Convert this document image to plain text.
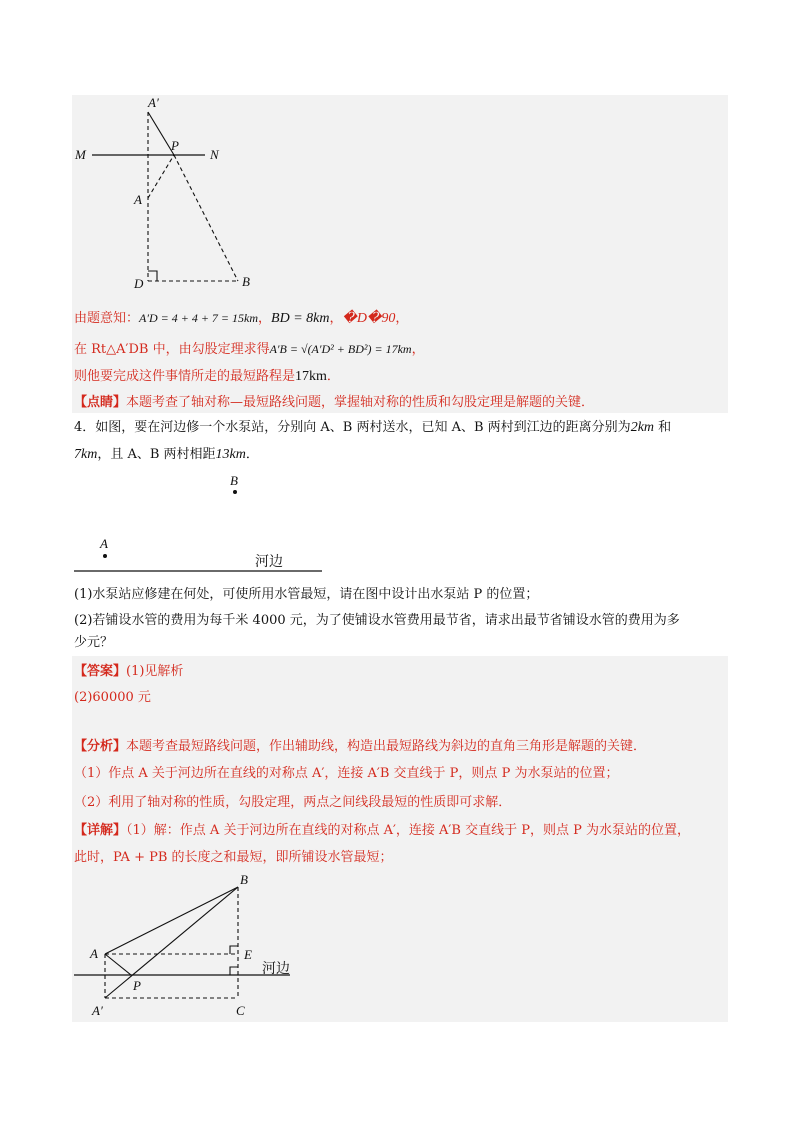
A′
P
M	N
A
D	B
由题意知：A′D = 4 + 4 + 7 = 15km，BD = 8km，�D�90，
在 Rt△A′DB 中，由勾股定理求得A′B = √(A′D² + BD²) = 17km，
则他要完成这件事情所走的最短路程是17km．
【点睛】本题考查了轴对称—最短路线问题，掌握轴对称的性质和勾股定理是解题的关键．
4．如图，要在河边修一个水泵站，分别向 A、B 两村送水，已知 A、B 两村到江边的距离分别为2km 和
7km，且 A、B 两村相距13km．
B
A
河边
(1)水泵站应修建在何处，可使所用水管最短，请在图中设计出水泵站 P 的位置；
(2)若铺设水管的费用为每千米 4000 元，为了使铺设水管费用最节省，请求出最节省铺设水管的费用为多
少元？
【答案】(1)见解析
(2)60000 元
【分析】本题考查最短路线问题，作出辅助线，构造出最短路线为斜边的直角三角形是解题的关键．
（1）作点 A 关于河边所在直线的对称点 A′，连接 A′B 交直线于 P，则点 P 为水泵站的位置；
（2）利用了轴对称的性质，勾股定理，两点之间线段最短的性质即可求解．
【详解】（1）解：作点 A 关于河边所在直线的对称点 A′，连接 A′B 交直线于 P，则点 P 为水泵站的位置，
此时，PA + PB 的长度之和最短，即所铺设水管最短；
B
A	E
河边
P
A′	C
